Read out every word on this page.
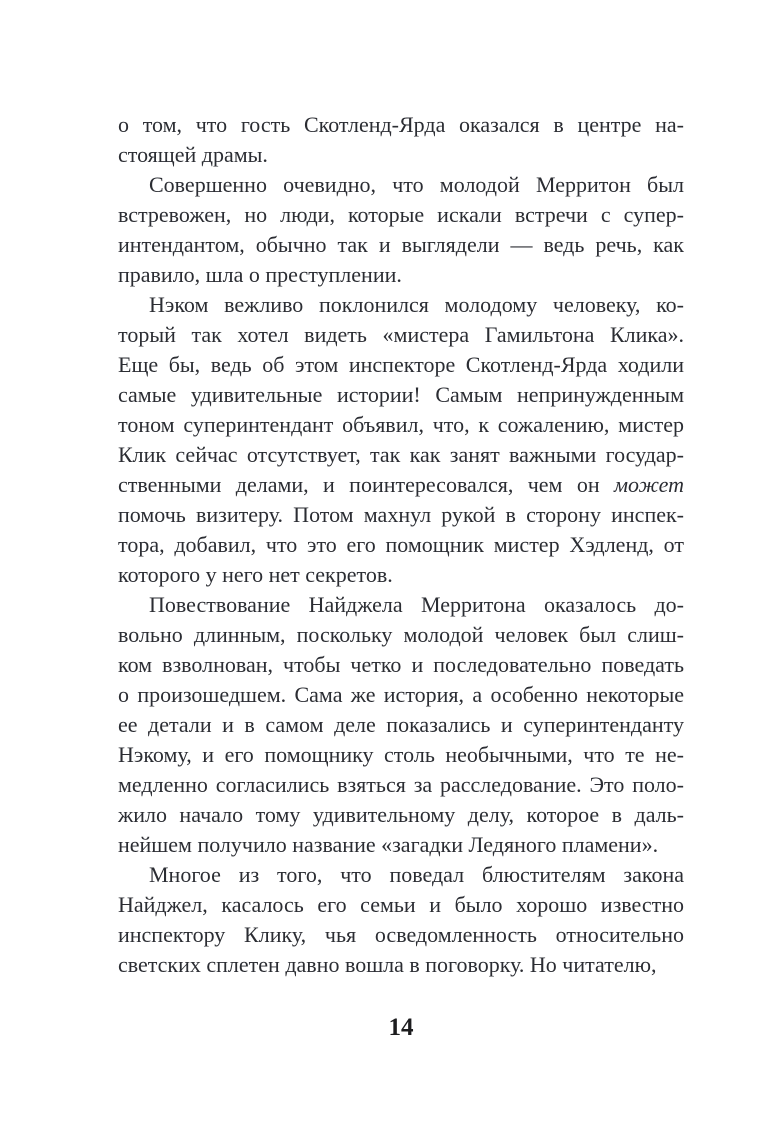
о том, что гость Скотленд-Ярда оказался в центре на-
стоящей драмы.
Совершенно очевидно, что молодой Мерритон был
встревожен, но люди, которые искали встречи с супер-
интендантом, обычно так и выглядели — ведь речь, как
правило, шла о преступлении.
Нэком вежливо поклонился молодому человеку, ко-
торый так хотел видеть «мистера Гамильтона Клика».
Еще бы, ведь об этом инспекторе Скотленд-Ярда ходили
самые удивительные истории! Самым непринужденным
тоном суперинтендант объявил, что, к сожалению, мистер
Клик сейчас отсутствует, так как занят важными государ-
ственными делами, и поинтересовался, чем он может
помочь визитеру. Потом махнул рукой в сторону инспек-
тора, добавил, что это его помощник мистер Хэдленд, от
которого у него нет секретов.
Повествование Найджела Мерритона оказалось до-
вольно длинным, поскольку молодой человек был слиш-
ком взволнован, чтобы четко и последовательно поведать
о произошедшем. Сама же история, а особенно некоторые
ее детали и в самом деле показались и суперинтенданту
Нэкому, и его помощнику столь необычными, что те не-
медленно согласились взяться за расследование. Это поло-
жило начало тому удивительному делу, которое в даль-
нейшем получило название «загадки Ледяного пламени».
Многое из того, что поведал блюстителям закона
Найджел, касалось его семьи и было хорошо известно
инспектору Клику, чья осведомленность относительно
светских сплетен давно вошла в поговорку. Но читателю,
14
